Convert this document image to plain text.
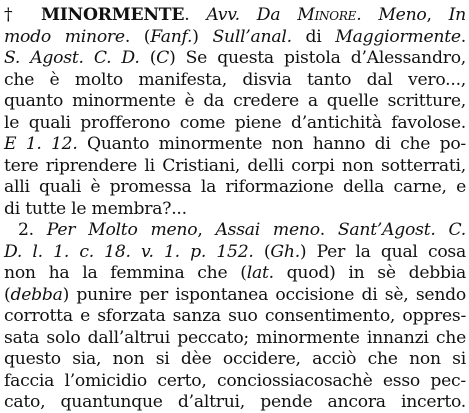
† MINORMENTE. Avv. Da Minore. Meno, In
modo minore. (Fanf.) Sull’anal. di Maggiormente.
S. Agost. C. D. (C) Se questa pistola d’Alessandro,
che è molto manifesta, disvia tanto dal vero...,
quanto minormente è da credere a quelle scritture,
le quali profferono come piene d’antichità favolose.
E 1. 12. Quanto minormente non hanno di che po-
tere riprendere li Cristiani, delli corpi non sotterrati,
alli quali è promessa la riformazione della carne, e
di tutte le membra?...
2. Per Molto meno, Assai meno. Sant’Agost. C.
D. l. 1. c. 18. v. 1. p. 152. (Gh.) Per la qual cosa
non ha la femmina che (lat. quod) in sè debbia
(debba) punire per ispontanea occisione di sè, sendo
corrotta e sforzata sanza suo consentimento, oppres-
sata solo dall’altrui peccato; minormente innanzi che
questo sia, non si dèe occidere, acciò che non si
faccia l’omicidio certo, conciossiacosachè esso pec-
cato, quantunque d’altrui, pende ancora incerto.
